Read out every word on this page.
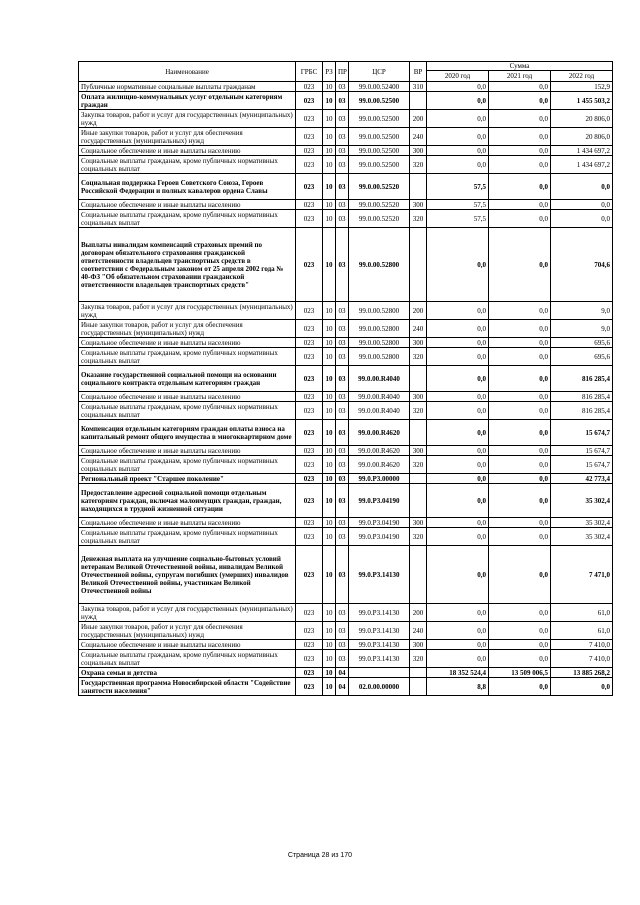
Наименование	ГРБС	РЗ	ПР	ЦСР	ВР	Сумма		
						2020 год	2021 год	2022 год
Публичные нормативные социальные выплаты гражданам	023	10	03	99.0.00.52400	310	0,0	0,0	152,9
Оплата жилищно-коммунальных услуг отдельным категориям граждан	023	10	03	99.0.00.52500		0,0	0,0	1 455 503,2
Закупка товаров, работ и услуг для государственных (муниципальных) нужд	023	10	03	99.0.00.52500	200	0,0	0,0	20 806,0
Иные закупки товаров, работ и услуг для обеспечения государственных (муниципальных) нужд	023	10	03	99.0.00.52500	240	0,0	0,0	20 806,0
Социальное обеспечение и иные выплаты населению	023	10	03	99.0.00.52500	300	0,0	0,0	1 434 697,2
Социальные выплаты гражданам, кроме публичных нормативных социальных выплат	023	10	03	99.0.00.52500	320	0,0	0,0	1 434 697,2
Социальная поддержка Героев Советского Союза, Героев Российской Федерации и полных кавалеров ордена Славы	023	10	03	99.0.00.52520		57,5	0,0	0,0
Социальное обеспечение и иные выплаты населению	023	10	03	99.0.00.52520	300	57,5	0,0	0,0
Социальные выплаты гражданам, кроме публичных нормативных социальных выплат	023	10	03	99.0.00.52520	320	57,5	0,0	0,0
Выплаты инвалидам компенсаций страховых премий по договорам обязательного страхования гражданской ответственности владельцев транспортных средств в соответствии с Федеральным законом от 25 апреля 2002 года № 40-ФЗ "Об обязательном страховании гражданской ответственности владельцев транспортных средств"	023	10	03	99.0.00.52800		0,0	0,0	704,6
Закупка товаров, работ и услуг для государственных (муниципальных) нужд	023	10	03	99.0.00.52800	200	0,0	0,0	9,0
Иные закупки товаров, работ и услуг для обеспечения государственных (муниципальных) нужд	023	10	03	99.0.00.52800	240	0,0	0,0	9,0
Социальное обеспечение и иные выплаты населению	023	10	03	99.0.00.52800	300	0,0	0,0	695,6
Социальные выплаты гражданам, кроме публичных нормативных социальных выплат	023	10	03	99.0.00.52800	320	0,0	0,0	695,6
Оказание государственной социальной помощи на основании социального контракта отдельным категориям граждан	023	10	03	99.0.00.R4040		0,0	0,0	816 285,4
Социальное обеспечение и иные выплаты населению	023	10	03	99.0.00.R4040	300	0,0	0,0	816 285,4
Социальные выплаты гражданам, кроме публичных нормативных социальных выплат	023	10	03	99.0.00.R4040	320	0,0	0,0	816 285,4
Компенсация отдельным категориям граждан оплаты взноса на капитальный ремонт общего имущества в многоквартирном доме	023	10	03	99.0.00.R4620		0,0	0,0	15 674,7
Социальное обеспечение и иные выплаты населению	023	10	03	99.0.00.R4620	300	0,0	0,0	15 674,7
Социальные выплаты гражданам, кроме публичных нормативных социальных выплат	023	10	03	99.0.00.R4620	320	0,0	0,0	15 674,7
Региональный проект "Старшее поколение"	023	10	03	99.0.P3.00000		0,0	0,0	42 773,4
Предоставление адресной социальной помощи отдельным категориям граждан, включая малоимущих граждан, граждан, находящихся в трудной жизненной ситуации	023	10	03	99.0.P3.04190		0,0	0,0	35 302,4
Социальное обеспечение и иные выплаты населению	023	10	03	99.0.P3.04190	300	0,0	0,0	35 302,4
Социальные выплаты гражданам, кроме публичных нормативных социальных выплат	023	10	03	99.0.P3.04190	320	0,0	0,0	35 302,4
Денежная выплата на улучшение социально-бытовых условий ветеранам Великой Отечественной войны, инвалидам Великой Отечественной войны, супругам погибших (умерших) инвалидов Великой Отечественной войны, участникам Великой Отечественной войны	023	10	03	99.0.P3.14130		0,0	0,0	7 471,0
Закупка товаров, работ и услуг для государственных (муниципальных) нужд	023	10	03	99.0.P3.14130	200	0,0	0,0	61,0
Иные закупки товаров, работ и услуг для обеспечения государственных (муниципальных) нужд	023	10	03	99.0.P3.14130	240	0,0	0,0	61,0
Социальное обеспечение и иные выплаты населению	023	10	03	99.0.P3.14130	300	0,0	0,0	7 410,0
Социальные выплаты гражданам, кроме публичных нормативных социальных выплат	023	10	03	99.0.P3.14130	320	0,0	0,0	7 410,0
Охрана семьи и детства	023	10	04			18 352 524,4	13 509 006,5	13 885 268,2
Государственная программа Новосибирской области "Содействие занятости населения"	023	10	04	02.0.00.00000		8,8	0,0	0,0
Страница 28 из 170
